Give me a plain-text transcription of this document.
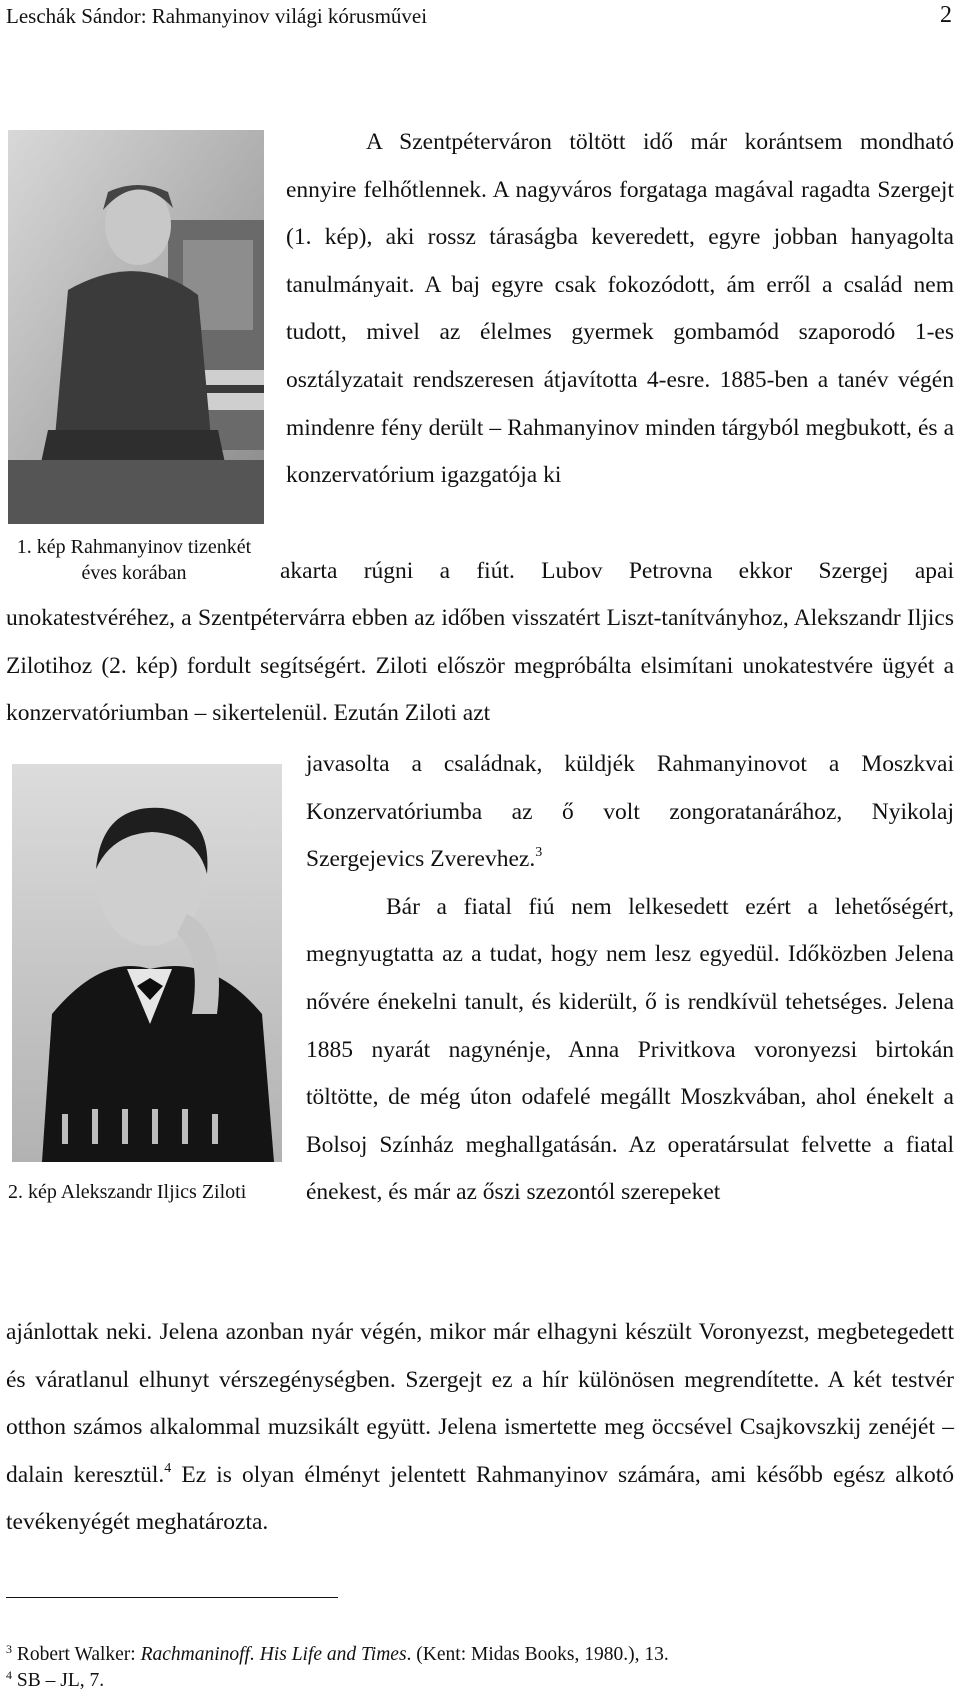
Leschák Sándor: Rahmanyinov világi kórusművei	2
1. kép Rahmanyinov tizenkét éves korában
2. kép Alekszandr Iljics Ziloti

A Szentpéterváron töltött idő már korántsem mondható ennyire felhőtlennek. A nagyváros forgataga magával ragadta Szergejt (1. kép), aki rossz táraságba keveredett, egyre jobban hanyagolta tanulmányait. A baj egyre csak fokozódott, ám erről a család nem tudott, mivel az élelmes gyermek gombamód szaporodó 1-es osztályzatait rendszeresen átjavította 4-esre. 1885-ben a tanév végén mindenre fény derült – Rahmanyinov minden tárgyból megbukott, és a konzervatórium igazgatója ki

akarta rúgni a fiút. Lubov Petrovna ekkor Szergej apai

unokatestvéréhez, a Szentpétervárra ebben az időben visszatért Liszt-tanítványhoz, Alekszandr Iljics Zilotihoz (2. kép) fordult segítségért. Ziloti először megpróbálta elsimítani unokatestvére ügyét a konzervatóriumban – sikertelenül. Ezután Ziloti azt

javasolta a családnak, küldjék Rahmanyinovot a Moszkvai Konzervatóriumba az ő volt zongoratanárához, Nyikolaj Szergejevics Zverevhez.$^3$

Bár a fiatal fiú nem lelkesedett ezért a lehetőségért, megnyugtatta az a tudat, hogy nem lesz egyedül. Időközben Jelena nővére énekelni tanult, és kiderült, ő is rendkívül tehetséges. Jelena 1885 nyarát nagynénje, Anna Privitkova voronyezsi birtokán töltötte, de még úton odafelé megállt Moszkvában, ahol énekelt a Bolsoj Színház meghallgatásán. Az operatársulat felvette a fiatal énekest, és már az őszi szezontól szerepeket

ajánlottak neki. Jelena azonban nyár végén, mikor már elhagyni készült Voronyezst, megbetegedett és váratlanul elhunyt vérszegénységben. Szergejt ez a hír különösen megrendítette. A két testvér otthon számos alkalommal muzsikált együtt. Jelena ismertette meg öccsével Csajkovszkij zenéjét – dalain keresztül.$^4$ Ez is olyan élményt jelentett Rahmanyinov számára, ami később egész alkotó tevékenyégét meghatározta.

$^3$ Robert Walker: Rachmaninoff. His Life and Times. (Kent: Midas Books, 1980.), 13.
$^4$ SB – JL, 7.
